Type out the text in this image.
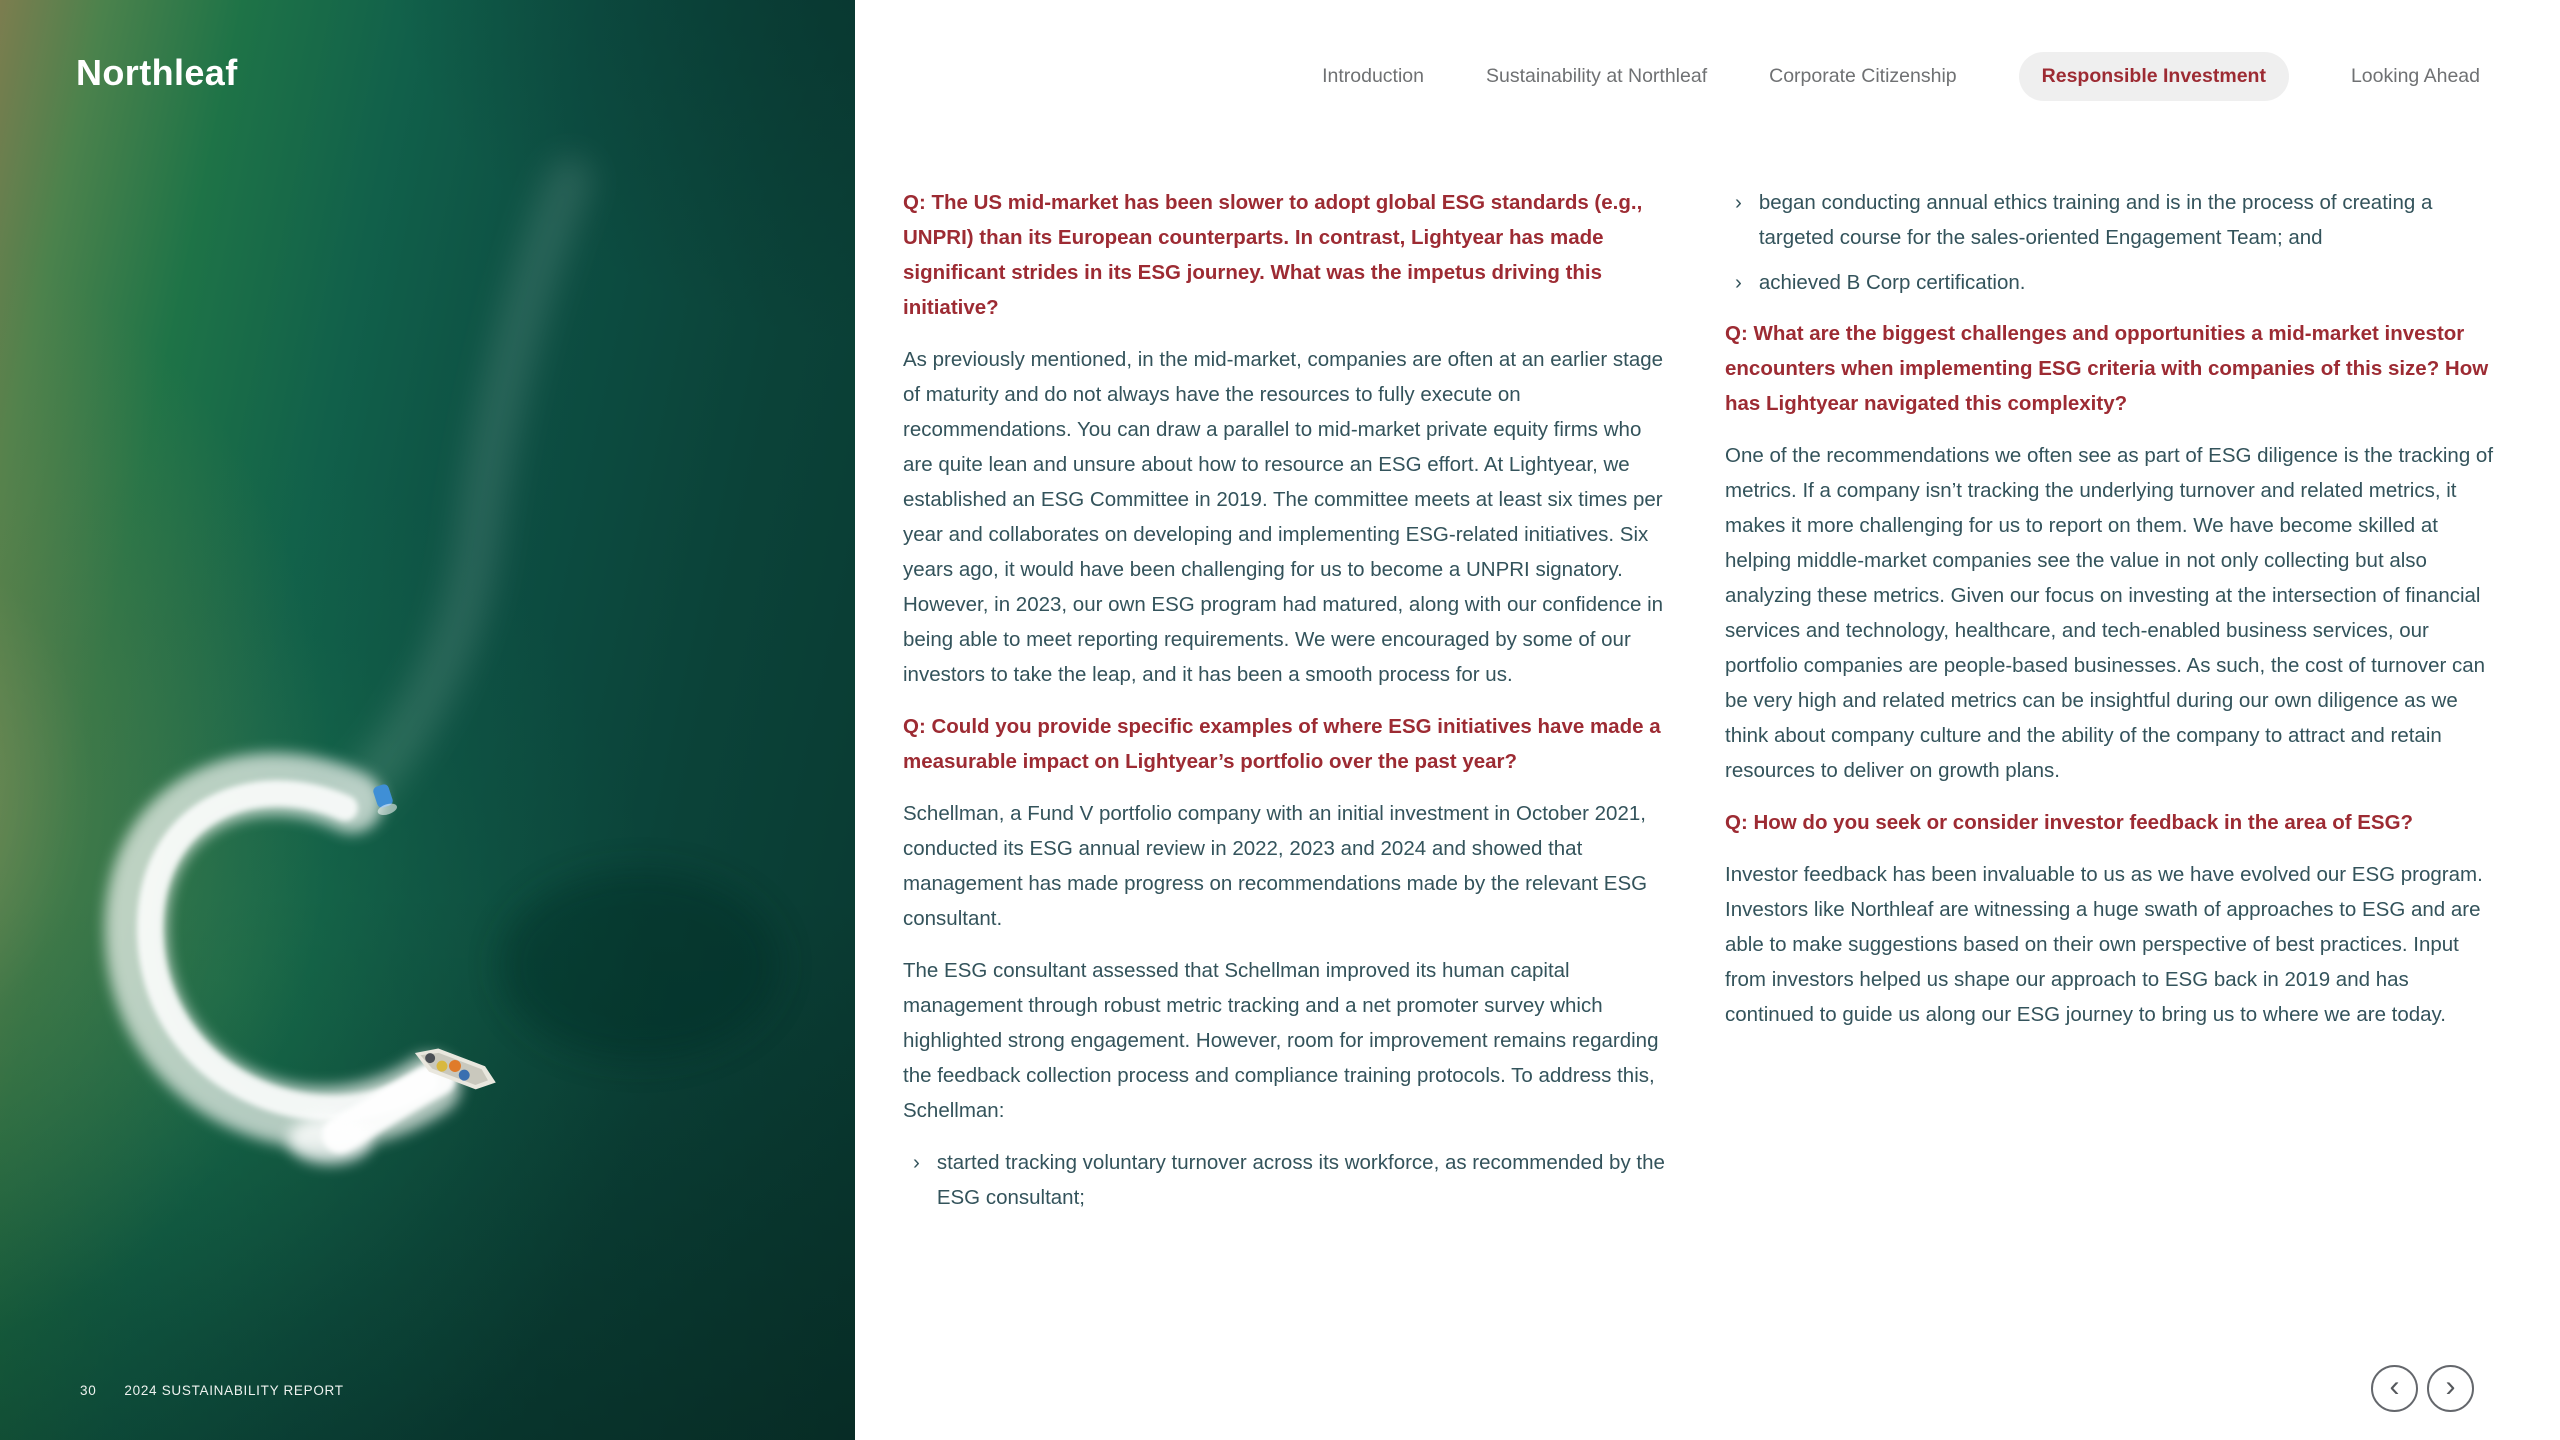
Northleaf
30 2024 SUSTAINABILITY REPORT
Introduction	Sustainability at Northleaf	Corporate Citizenship	Responsible Investment	Looking Ahead

Q: The US mid-market has been slower to adopt global ESG standards (e.g., UNPRI) than its European counterparts. In contrast, Lightyear has made significant strides in its ESG journey. What was the impetus driving this initiative?

As previously mentioned, in the mid-market, companies are often at an earlier stage of maturity and do not always have the resources to fully execute on recommendations. You can draw a parallel to mid-market private equity firms who are quite lean and unsure about how to resource an ESG effort. At Lightyear, we established an ESG Committee in 2019. The committee meets at least six times per year and collaborates on developing and implementing ESG-related initiatives. Six years ago, it would have been challenging for us to become a UNPRI signatory. However, in 2023, our own ESG program had matured, along with our confidence in being able to meet reporting requirements. We were encouraged by some of our investors to take the leap, and it has been a smooth process for us.

Q: Could you provide specific examples of where ESG initiatives have made a measurable impact on Lightyear’s portfolio over the past year?

Schellman, a Fund V portfolio company with an initial investment in October 2021, conducted its ESG annual review in 2022, 2023 and 2024 and showed that management has made progress on recommendations made by the relevant ESG consultant.

The ESG consultant assessed that Schellman improved its human capital management through robust metric tracking and a net promoter survey which highlighted strong engagement. However, room for improvement remains regarding the feedback collection process and compliance training protocols. To address this, Schellman:

› started tracking voluntary turnover across its workforce, as recommended by the ESG consultant;
› began conducting annual ethics training and is in the process of creating a targeted course for the sales-oriented Engagement Team; and
› achieved B Corp certification.

Q: What are the biggest challenges and opportunities a mid-market investor encounters when implementing ESG criteria with companies of this size? How has Lightyear navigated this complexity?

One of the recommendations we often see as part of ESG diligence is the tracking of metrics. If a company isn’t tracking the underlying turnover and related metrics, it makes it more challenging for us to report on them. We have become skilled at helping middle-market companies see the value in not only collecting but also analyzing these metrics. Given our focus on investing at the intersection of financial services and technology, healthcare, and tech-enabled business services, our portfolio companies are people-based businesses. As such, the cost of turnover can be very high and related metrics can be insightful during our own diligence as we think about company culture and the ability of the company to attract and retain resources to deliver on growth plans.

Q: How do you seek or consider investor feedback in the area of ESG?

Investor feedback has been invaluable to us as we have evolved our ESG program. Investors like Northleaf are witnessing a huge swath of approaches to ESG and are able to make suggestions based on their own perspective of best practices. Input from investors helped us shape our approach to ESG back in 2019 and has continued to guide us along our ESG journey to bring us to where we are today.

‹ ›
